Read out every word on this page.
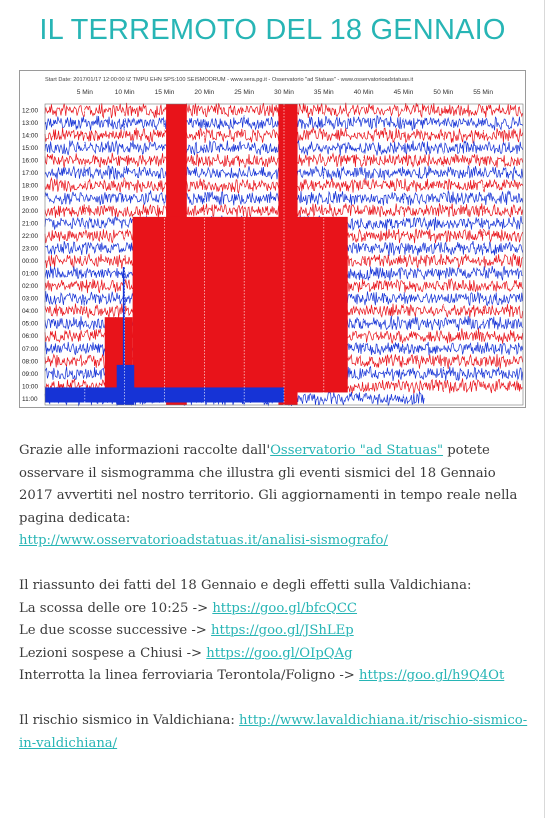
IL TERREMOTO DEL 18 GENNAIO
Start Date: 2017/01/17 12:00:00 IZ TMPU EHN SPS:100 SEISMODRUM - www.sera.pg.it - Osservatorio "ad Statuas" - www.osservatorioadstatuas.it
5 Min	10 Min	15 Min	20 Min	25 Min	30 Min	35 Min	40 Min	45 Min	50 Min	55 Min
12:00
13:00
14:00
15:00
16:00
17:00
18:00
19:00
20:00
21:00
22:00
23:00
00:00
01:00
02:00
03:00
04:00
05:00
06:00
07:00
08:00
09:00
10:00
11:00

Grazie alle informazioni raccolte dall'Osservatorio "ad Statuas" potete osservare il sismogramma che illustra gli eventi sismici del 18 Gennaio 2017 avvertiti nel nostro territorio. Gli aggiornamenti in tempo reale nella pagina dedicata:
http://www.osservatorioadstatuas.it/analisi-sismografo/

Il riassunto dei fatti del 18 Gennaio e degli effetti sulla Valdichiana:
La scossa delle ore 10:25 -> https://goo.gl/bfcQCC
Le due scosse successive -> https://goo.gl/JShLEp
Lezioni sospese a Chiusi -> https://goo.gl/OIpQAg
Interrotta la linea ferroviaria Terontola/Foligno -> https://goo.gl/h9Q4Ot

Il rischio sismico in Valdichiana: http://www.lavaldichiana.it/rischio-sismico-in-valdichiana/
